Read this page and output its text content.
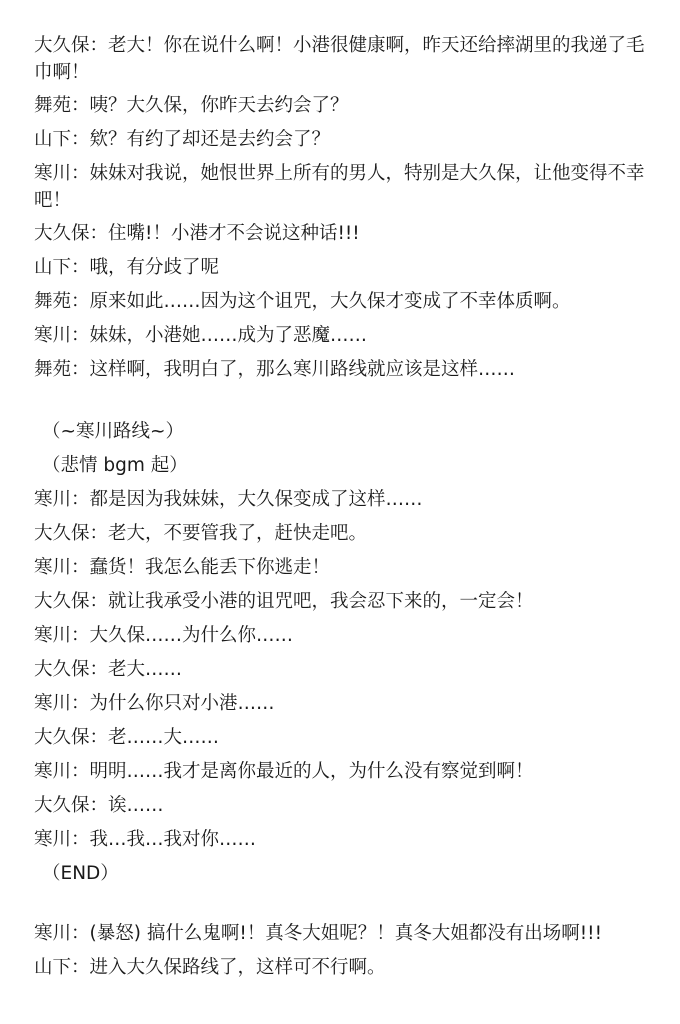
大久保：老大！你在说什么啊！小港很健康啊，昨天还给摔湖里的我递了毛巾啊！
舞苑：咦？大久保，你昨天去约会了？
山下：欸？有约了却还是去约会了？
寒川：妹妹对我说，她恨世界上所有的男人，特别是大久保，让他变得不幸吧！
大久保：住嘴!！小港才不会说这种话!!!
山下：哦，有分歧了呢
舞苑：原来如此……因为这个诅咒，大久保才变成了不幸体质啊。
寒川：妹妹，小港她……成为了恶魔……
舞苑：这样啊，我明白了，那么寒川路线就应该是这样……
（~寒川路线~）
（悲情 bgm 起）
寒川：都是因为我妹妹，大久保变成了这样……
大久保：老大，不要管我了，赶快走吧。
寒川：蠢货！我怎么能丢下你逃走！
大久保：就让我承受小港的诅咒吧，我会忍下来的，一定会！
寒川：大久保……为什么你……
大久保：老大……
寒川：为什么你只对小港……
大久保：老……大……
寒川：明明……我才是离你最近的人，为什么没有察觉到啊！
大久保：诶……
寒川：我…我…我对你……
（END）
寒川：(暴怒) 搞什么鬼啊!！真冬大姐呢？！真冬大姐都没有出场啊!!!
山下：进入大久保路线了，这样可不行啊。
